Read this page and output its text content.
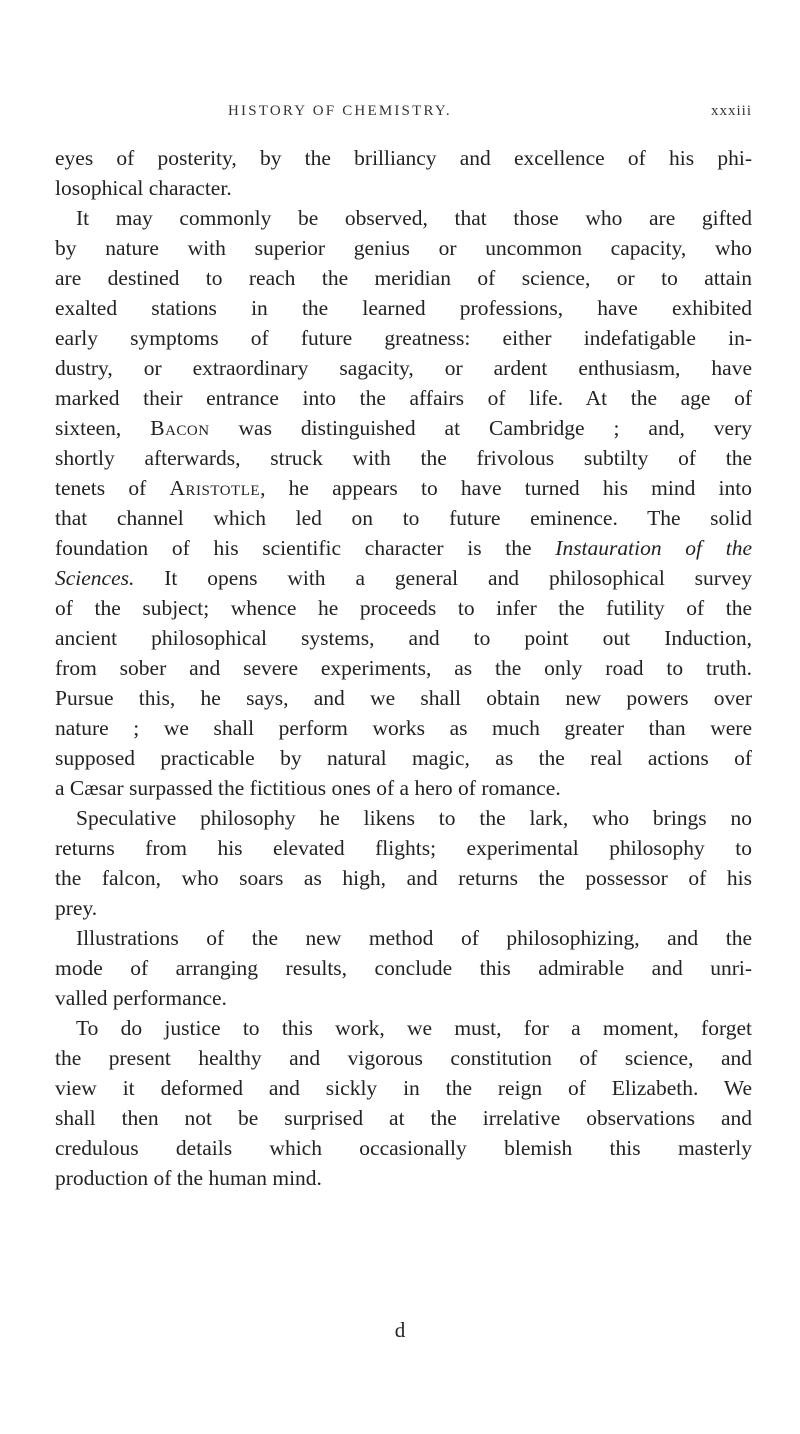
HISTORY OF CHEMISTRY.	xxxiii
eyes of posterity, by the brilliancy and excellence of his phi-
losophical character.
It may commonly be observed, that those who are gifted
by nature with superior genius or uncommon capacity, who
are destined to reach the meridian of science, or to attain
exalted stations in the learned professions, have exhibited
early symptoms of future greatness: either indefatigable in-
dustry, or extraordinary sagacity, or ardent enthusiasm, have
marked their entrance into the affairs of life. At the age of
sixteen, Bacon was distinguished at Cambridge ; and, very
shortly afterwards, struck with the frivolous subtilty of the
tenets of Aristotle, he appears to have turned his mind into
that channel which led on to future eminence. The solid
foundation of his scientific character is the Instauration of the
Sciences. It opens with a general and philosophical survey
of the subject; whence he proceeds to infer the futility of the
ancient philosophical systems, and to point out Induction,
from sober and severe experiments, as the only road to truth.
Pursue this, he says, and we shall obtain new powers over
nature ; we shall perform works as much greater than were
supposed practicable by natural magic, as the real actions of
a Cæsar surpassed the fictitious ones of a hero of romance.
Speculative philosophy he likens to the lark, who brings no
returns from his elevated flights; experimental philosophy to
the falcon, who soars as high, and returns the possessor of his
prey.
Illustrations of the new method of philosophizing, and the
mode of arranging results, conclude this admirable and unri-
valled performance.
To do justice to this work, we must, for a moment, forget
the present healthy and vigorous constitution of science, and
view it deformed and sickly in the reign of Elizabeth. We
shall then not be surprised at the irrelative observations and
credulous details which occasionally blemish this masterly
production of the human mind.
d
